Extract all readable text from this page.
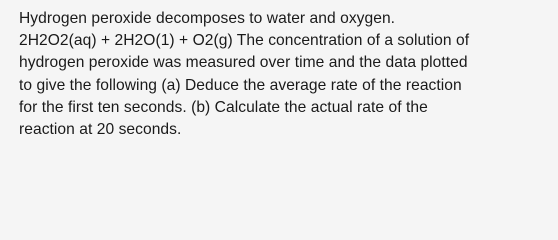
Hydrogen peroxide decomposes to water and oxygen.
2H2O2(aq) + 2H2O(1) + O2(g) The concentration of a solution of
hydrogen peroxide was measured over time and the data plotted
to give the following (a) Deduce the average rate of the reaction
for the first ten seconds. (b) Calculate the actual rate of the
reaction at 20 seconds.
